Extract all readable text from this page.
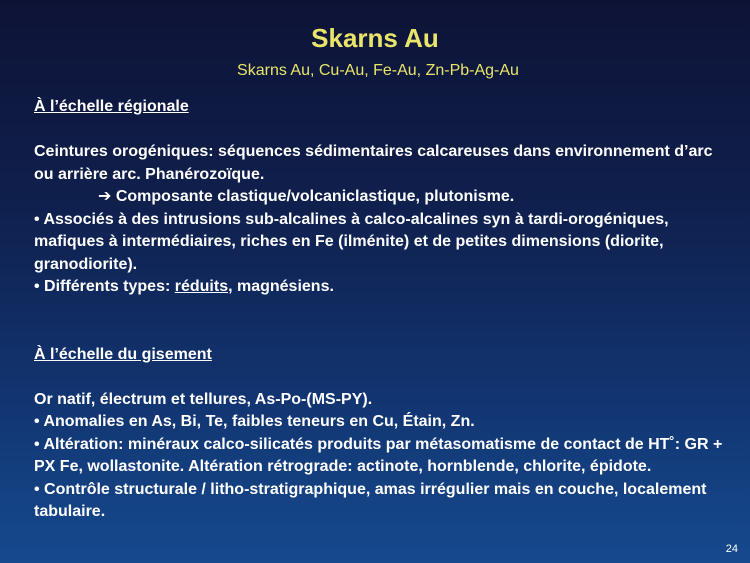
Skarns Au
Skarns Au, Cu-Au, Fe-Au, Zn-Pb-Ag-Au
À l’échelle régionale
Ceintures orogéniques: séquences sédimentaires calcareuses dans environnement d’arc ou arrière arc. Phanérozoïque.
➔ Composante clastique/volcaniclastique, plutonisme.
• Associés à des intrusions sub-alcalines à calco-alcalines syn à tardi-orogéniques, mafiques à intermédiaires, riches en Fe (ilménite) et de petites dimensions (diorite, granodiorite).
• Différents types: réduits, magnésiens.
À l’échelle du gisement
Or natif, électrum et tellures, As-Po-(MS-PY).
• Anomalies en As, Bi, Te, faibles teneurs en Cu, Étain, Zn.
• Altération: minéraux calco-silicatés produits par métasomatisme de contact de HT˚: GR + PX Fe, wollastonite. Altération rétrograde: actinote, hornblende, chlorite, épidote.
• Contrôle structurale / litho-stratigraphique, amas irrégulier mais en couche, localement tabulaire.
24
